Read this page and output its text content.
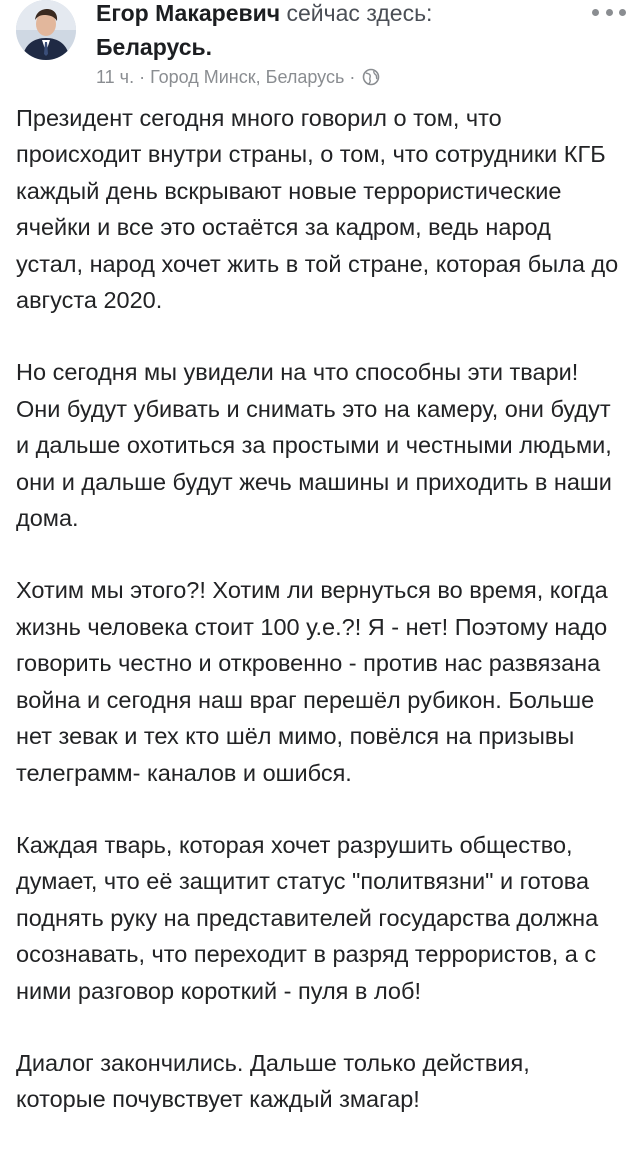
Егор Макаревич сейчас здесь:
Беларусь.
11 ч. · Город Минск, Беларусь ·

Президент сегодня много говорил о том, что происходит внутри страны, о том, что сотрудники КГБ каждый день вскрывают новые террористические ячейки и все это остаётся за кадром, ведь народ устал, народ хочет жить в той стране, которая была до августа 2020.

Но сегодня мы увидели на что способны эти твари! Они будут убивать и снимать это на камеру, они будут и дальше охотиться за простыми и честными людьми, они и дальше будут жечь машины и приходить в наши дома.

Хотим мы этого?! Хотим ли вернуться во время, когда жизнь человека стоит 100 у.е.?! Я - нет! Поэтому надо говорить честно и откровенно - против нас развязана война и сегодня наш враг перешёл рубикон. Больше нет зевак и тех кто шёл мимо, повёлся на призывы телеграмм- каналов и ошибся.

Каждая тварь, которая хочет разрушить общество, думает, что её защитит статус "политвязни" и готова поднять руку на представителей государства должна осознавать, что переходит в разряд террористов, а с ними разговор короткий - пуля в лоб!

Диалог закончились. Дальше только действия, которые почувствует каждый змагар!
